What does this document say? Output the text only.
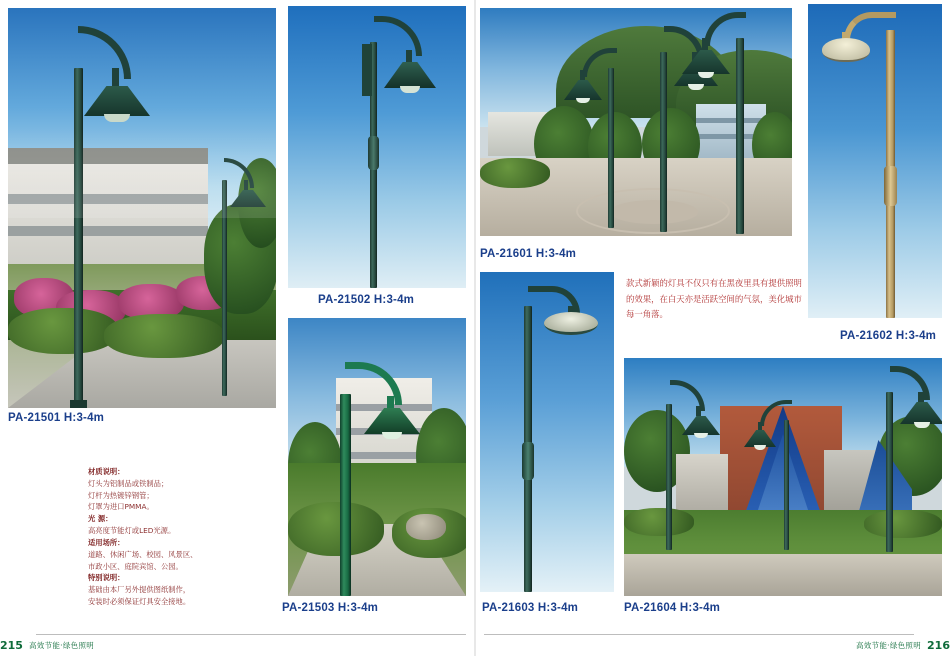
PA-21501 H:3-4m
PA-21502 H:3-4m
PA-21503 H:3-4m
材质说明：
灯头为铝制品或铁制品；
灯杆为热镀锌钢管；
灯罩为进口PMMA。
光 源：
高亮度节能灯或LED光源。
适用场所：
道路、休闲广场、校园、风景区、
市政小区、庭院宾馆、公园。
特别说明：
基础由本厂另外提供图纸制作，
安装时必须保证灯具安全接地。
PA-21601 H:3-4m
款式新颖的灯具不仅只有在黑夜里具有提供照明的效果，在白天亦是活跃空间的气氛，美化城市每一角落。
PA-21602 H:3-4m
PA-21603 H:3-4m	PA-21604 H:3-4m
215 高效节能·绿色照明	高效节能·绿色照明 216
